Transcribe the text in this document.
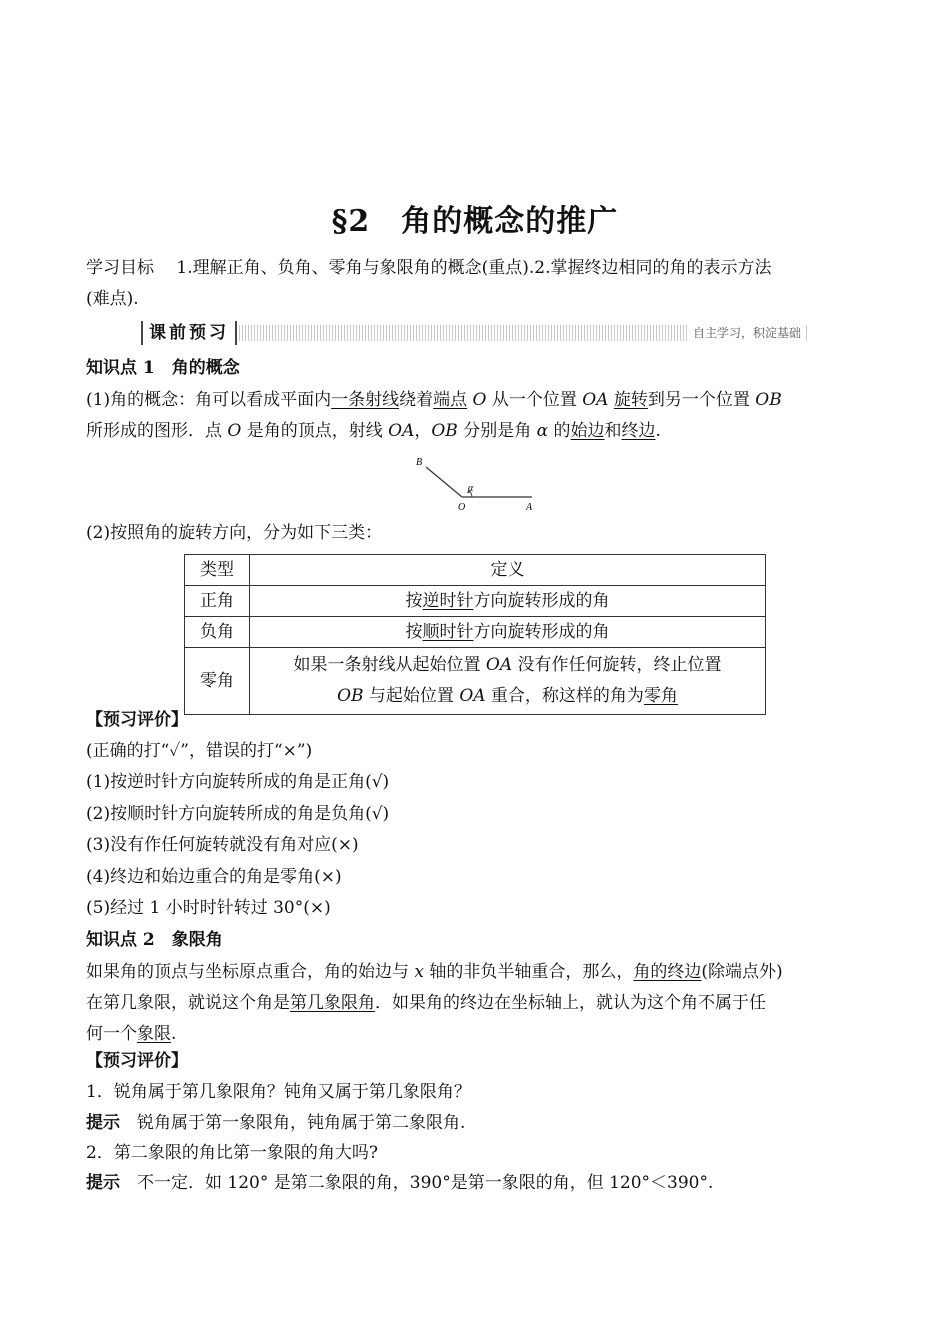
§2　角的概念的推广
学习目标　 1.理解正角、负角、零角与象限角的概念(重点).2.掌握终边相同的角的表示方法
(难点).
课前预习	自主学习，积淀基础
知识点 1　角的概念
(1)角的概念：角可以看成平面内一条射线绕着端点 O 从一个位置 OA 旋转到另一个位置 OB
所形成的图形．点 O 是角的顶点，射线 OA，OB 分别是角 α 的始边和终边.
B
α
O	A
(2)按照角的旋转方向，分为如下三类：
类型	定义
正角	按逆时针方向旋转形成的角
负角	按顺时针方向旋转形成的角
零角	如果一条射线从起始位置 OA 没有作任何旋转，终止位置
OB 与起始位置 OA 重合，称这样的角为零角
【预习评价】
(正确的打“✓”，错误的打“×”)
(1)按逆时针方向旋转所成的角是正角(√)
(2)按顺时针方向旋转所成的角是负角(√)
(3)没有作任何旋转就没有角对应(×)
(4)终边和始边重合的角是零角(×)
(5)经过 1 小时时针转过 30°(×)
知识点 2　象限角
如果角的顶点与坐标原点重合，角的始边与 x 轴的非负半轴重合，那么，角的终边(除端点外)
在第几象限，就说这个角是第几象限角．如果角的终边在坐标轴上，就认为这个角不属于任
何一个象限.
【预习评价】
1．锐角属于第几象限角？钝角又属于第几象限角？
提示　锐角属于第一象限角，钝角属于第二象限角.
2．第二象限的角比第一象限的角大吗?
提示　不一定．如 120° 是第二象限的角，390°是第一象限的角，但 120°＜390°.
